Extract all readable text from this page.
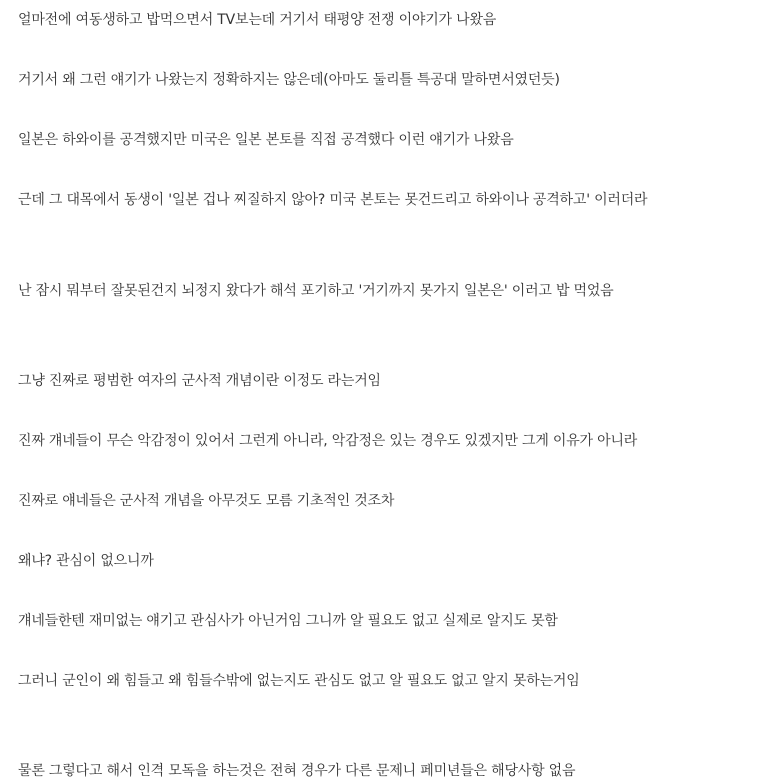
얼마전에 여동생하고 밥먹으면서 TV보는데 거기서 태평양 전쟁 이야기가 나왔음

거기서 왜 그런 얘기가 나왔는지 정확하지는 않은데(아마도 둘리틀 특공대 말하면서였던듯)

일본은 하와이를 공격했지만 미국은 일본 본토를 직접 공격했다 이런 얘기가 나왔음

근데 그 대목에서 동생이 '일본 겁나 찌질하지 않아? 미국 본토는 못건드리고 하와이나 공격하고' 이러더라

난 잠시 뭐부터 잘못된건지 뇌정지 왔다가 해석 포기하고 '거기까지 못가지 일본은' 이러고 밥 먹었음

그냥 진짜로 평범한 여자의 군사적 개념이란 이정도 라는거임

진짜 걔네들이 무슨 악감정이 있어서 그런게 아니라, 악감정은 있는 경우도 있겠지만 그게 이유가 아니라

진짜로 얘네들은 군사적 개념을 아무것도 모름 기초적인 것조차

왜냐? 관심이 없으니까

걔네들한텐 재미없는 얘기고 관심사가 아닌거임 그니까 알 필요도 없고 실제로 알지도 못함

그러니 군인이 왜 힘들고 왜 힘들수밖에 없는지도 관심도 없고 알 필요도 없고 알지 못하는거임

물론 그렇다고 해서 인격 모독을 하는것은 전혀 경우가 다른 문제니 페미년들은 해당사항 없음
